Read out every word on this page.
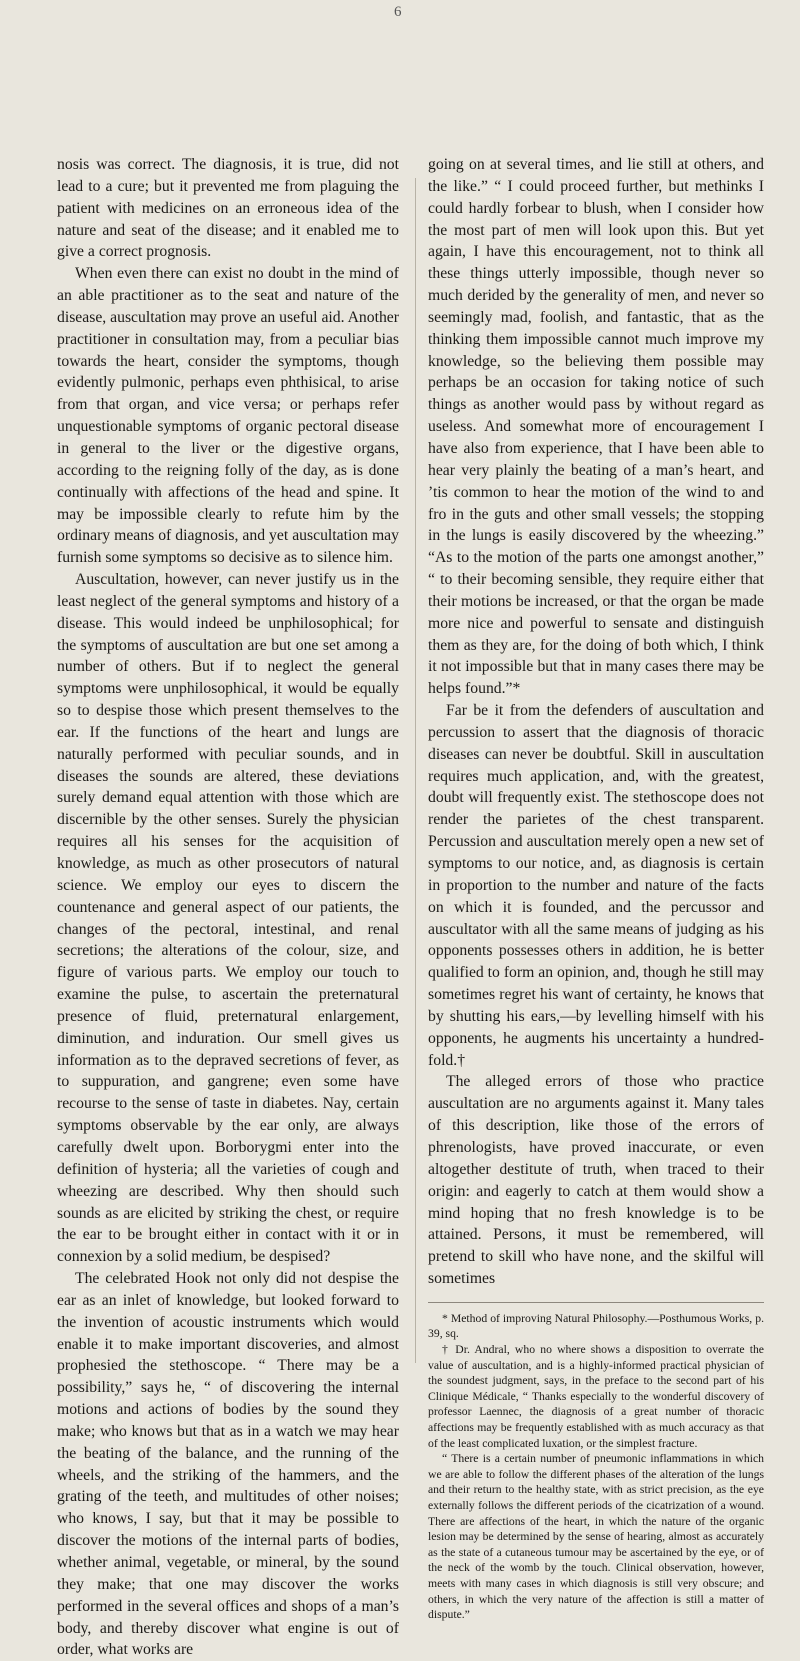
6

nosis was correct. The diagnosis, it is true, did not lead to a cure; but it prevented me from plaguing the patient with medicines on an erroneous idea of the nature and seat of the disease; and it enabled me to give a correct prognosis.

When even there can exist no doubt in the mind of an able practitioner as to the seat and nature of the disease, auscultation may prove an useful aid. Another practitioner in consultation may, from a peculiar bias towards the heart, consider the symptoms, though evidently pulmonic, perhaps even phthisical, to arise from that organ, and vice versa; or perhaps refer unquestionable symptoms of organic pectoral disease in general to the liver or the digestive organs, according to the reigning folly of the day, as is done continually with affections of the head and spine. It may be impossible clearly to refute him by the ordinary means of diagnosis, and yet auscultation may furnish some symptoms so decisive as to silence him.

Auscultation, however, can never justify us in the least neglect of the general symptoms and history of a disease. This would indeed be unphilosophical; for the symptoms of auscultation are but one set among a number of others. But if to neglect the general symptoms were unphilosophical, it would be equally so to despise those which present themselves to the ear. If the functions of the heart and lungs are naturally performed with peculiar sounds, and in diseases the sounds are altered, these deviations surely demand equal attention with those which are discernible by the other senses. Surely the physician requires all his senses for the acquisition of knowledge, as much as other prosecutors of natural science. We employ our eyes to discern the countenance and general aspect of our patients, the changes of the pectoral, intestinal, and renal secretions; the alterations of the colour, size, and figure of various parts. We employ our touch to examine the pulse, to ascertain the preternatural presence of fluid, preternatural enlargement, diminution, and induration. Our smell gives us information as to the depraved secretions of fever, as to suppuration, and gangrene; even some have recourse to the sense of taste in diabetes. Nay, certain symptoms observable by the ear only, are always carefully dwelt upon. Borborygmi enter into the definition of hysteria; all the varieties of cough and wheezing are described. Why then should such sounds as are elicited by striking the chest, or require the ear to be brought either in contact with it or in connexion by a solid medium, be despised?

The celebrated Hook not only did not despise the ear as an inlet of knowledge, but looked forward to the invention of acoustic instruments which would enable it to make important discoveries, and almost prophesied the stethoscope. “ There may be a possibility,” says he, “ of discovering the internal motions and actions of bodies by the sound they make; who knows but that as in a watch we may hear the beating of the balance, and the running of the wheels, and the striking of the hammers, and the grating of the teeth, and multitudes of other noises; who knows, I say, but that it may be possible to discover the motions of the internal parts of bodies, whether animal, vegetable, or mineral, by the sound they make; that one may discover the works performed in the several offices and shops of a man’s body, and thereby discover what engine is out of order, what works are

going on at several times, and lie still at others, and the like.” “ I could proceed further, but methinks I could hardly forbear to blush, when I consider how the most part of men will look upon this. But yet again, I have this encouragement, not to think all these things utterly impossible, though never so much derided by the generality of men, and never so seemingly mad, foolish, and fantastic, that as the thinking them impossible cannot much improve my knowledge, so the believing them possible may perhaps be an occasion for taking notice of such things as another would pass by without regard as useless. And somewhat more of encouragement I have also from experience, that I have been able to hear very plainly the beating of a man’s heart, and ’tis common to hear the motion of the wind to and fro in the guts and other small vessels; the stopping in the lungs is easily discovered by the wheezing.” “As to the motion of the parts one amongst another,” “ to their becoming sensible, they require either that their motions be increased, or that the organ be made more nice and powerful to sensate and distinguish them as they are, for the doing of both which, I think it not impossible but that in many cases there may be helps found.”*

Far be it from the defenders of auscultation and percussion to assert that the diagnosis of thoracic diseases can never be doubtful. Skill in auscultation requires much application, and, with the greatest, doubt will frequently exist. The stethoscope does not render the parietes of the chest transparent. Percussion and auscultation merely open a new set of symptoms to our notice, and, as diagnosis is certain in proportion to the number and nature of the facts on which it is founded, and the percussor and auscultator with all the same means of judging as his opponents possesses others in addition, he is better qualified to form an opinion, and, though he still may sometimes regret his want of certainty, he knows that by shutting his ears,—by levelling himself with his opponents, he augments his uncertainty a hundred-fold.†

The alleged errors of those who practice auscultation are no arguments against it. Many tales of this description, like those of the errors of phrenologists, have proved inaccurate, or even altogether destitute of truth, when traced to their origin: and eagerly to catch at them would show a mind hoping that no fresh knowledge is to be attained. Persons, it must be remembered, will pretend to skill who have none, and the skilful will sometimes

* Method of improving Natural Philosophy.—Posthumous Works, p. 39, sq.

† Dr. Andral, who no where shows a disposition to overrate the value of auscultation, and is a highly-informed practical physician of the soundest judgment, says, in the preface to the second part of his Clinique Médicale, “ Thanks especially to the wonderful discovery of professor Laennec, the diagnosis of a great number of thoracic affections may be frequently established with as much accuracy as that of the least complicated luxation, or the simplest fracture.

“ There is a certain number of pneumonic inflammations in which we are able to follow the different phases of the alteration of the lungs and their return to the healthy state, with as strict precision, as the eye externally follows the different periods of the cicatrization of a wound. There are affections of the heart, in which the nature of the organic lesion may be determined by the sense of hearing, almost as accurately as the state of a cutaneous tumour may be ascertained by the eye, or of the neck of the womb by the touch. Clinical observation, however, meets with many cases in which diagnosis is still very obscure; and others, in which the very nature of the affection is still a matter of dispute.”
